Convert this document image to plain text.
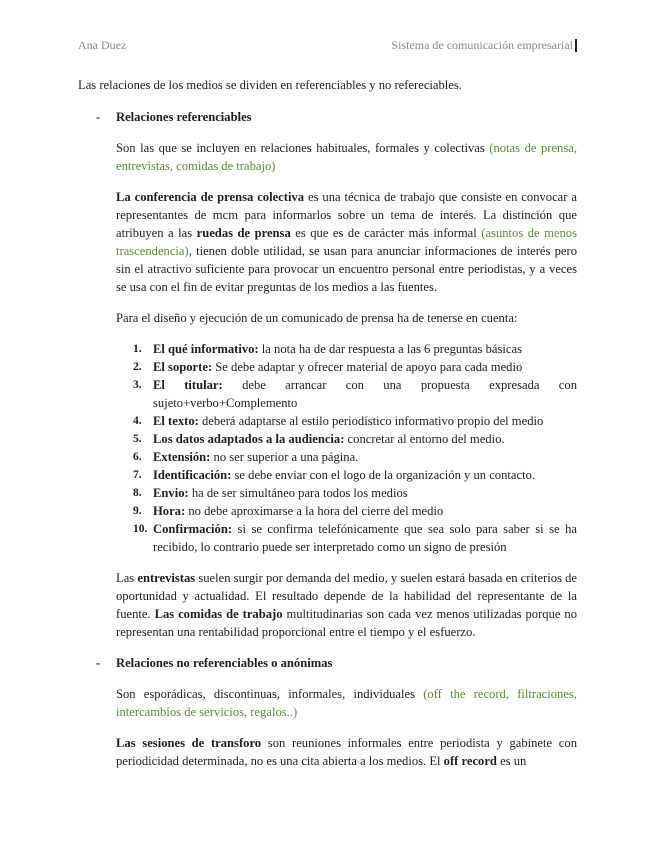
Ana Duez	Sistema de comunicación empresarial

Las relaciones de los medios se dividen en referenciables y no refereciables.

- Relaciones referenciables

Son las que se incluyen en relaciones habituales, formales y colectivas (notas de prensa, entrevistas, comidas de trabajo)

La conferencia de prensa colectiva es una técnica de trabajo que consiste en convocar a representantes de mcm para informarlos sobre un tema de interés. La distinción que atribuyen a las ruedas de prensa es que es de carácter más informal (asuntos de menos trascendencia), tienen doble utilidad, se usan para anunciar informaciones de interés pero sin el atractivo suficiente para provocar un encuentro personal entre periodistas, y a veces se usa con el fin de evitar preguntas de los medios a las fuentes.

Para el diseño y ejecución de un comunicado de prensa ha de tenerse en cuenta:

1. El qué informativo: la nota ha de dar respuesta a las 6 preguntas básicas
2. El soporte: Se debe adaptar y ofrecer material de apoyo para cada medio
3. El titular: debe arrancar con una propuesta expresada con sujeto+verbo+Complemento
4. El texto: deberá adaptarse al estilo periodístico informativo propio del medio
5. Los datos adaptados a la audiencia: concretar al entorno del medio.
6. Extensión: no ser superior a una página.
7. Identificación: se debe enviar con el logo de la organización y un contacto.
8. Envio: ha de ser simultáneo para todos los medios
9. Hora: no debe aproximarse a la hora del cierre del medio
10. Confirmación: si se confirma telefónicamente que sea solo para saber si se ha recibido, lo contrario puede ser interpretado como un signo de presión

Las entrevistas suelen surgir por demanda del medio, y suelen estará basada en criterios de oportunidad y actualidad. El resultado depende de la habilidad del representante de la fuente. Las comidas de trabajo multitudinarias son cada vez menos utilizadas porque no representan una rentabilidad proporcional entre el tiempo y el esfuerzo.

- Relaciones no referenciables o anónimas

Son esporádicas, discontinuas, informales, individuales (off the record, filtraciones, intercambios de servicios, regalos..)

Las sesiones de transforo son reuniones informales entre periodista y gabinete con periodicidad determinada, no es una cita abierta a los medios. El off record es un
